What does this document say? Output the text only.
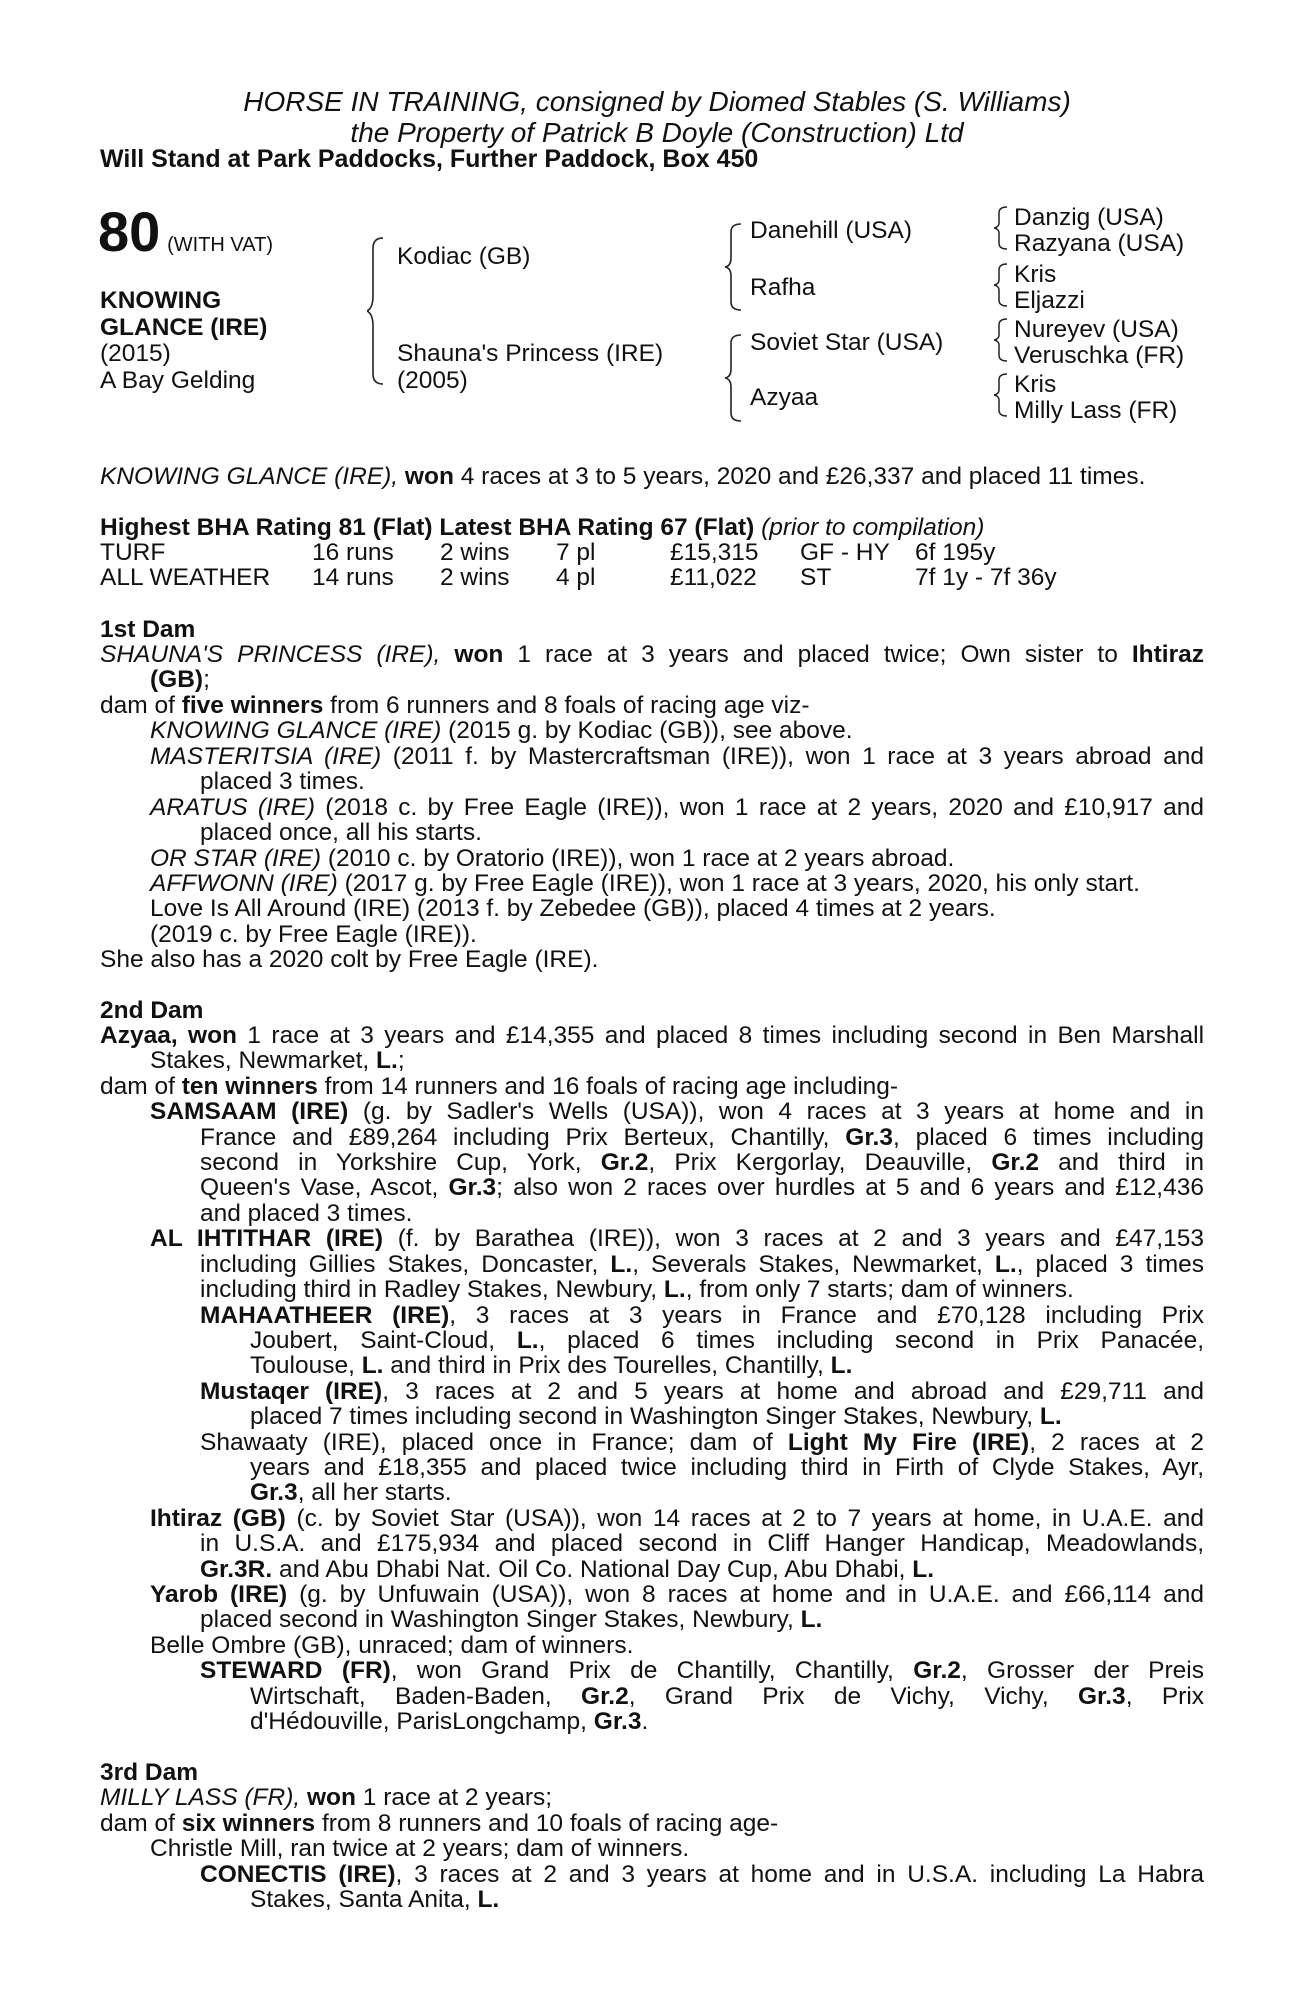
HORSE IN TRAINING, consigned by Diomed Stables (S. Williams)
the Property of Patrick B Doyle (Construction) Ltd
Will Stand at Park Paddocks, Further Paddock, Box 450
80 (WITH VAT)
KNOWING
GLANCE (IRE)
(2015)
A Bay Gelding
Kodiac (GB)
Shauna's Princess (IRE)
(2005)
Danehill (USA)
Rafha
Soviet Star (USA)
Azyaa
Danzig (USA)
Razyana (USA)
Kris
Eljazzi
Nureyev (USA)
Veruschka (FR)
Kris
Milly Lass (FR)
KNOWING GLANCE (IRE), won 4 races at 3 to 5 years, 2020 and £26,337 and placed 11 times.
Highest BHA Rating 81 (Flat) Latest BHA Rating 67 (Flat) (prior to compilation)
TURF	16 runs 2 wins 7 pl	£15,315 GF - HY 6f 195y
ALL WEATHER 14 runs 2 wins 4 pl	£11,022 ST	7f 1y - 7f 36y
1st Dam
SHAUNA'S PRINCESS (IRE), won 1 race at 3 years and placed twice; Own sister to Ihtiraz
(GB);
dam of five winners from 6 runners and 8 foals of racing age viz-
KNOWING GLANCE (IRE) (2015 g. by Kodiac (GB)), see above.
MASTERITSIA (IRE) (2011 f. by Mastercraftsman (IRE)), won 1 race at 3 years abroad and
placed 3 times.
ARATUS (IRE) (2018 c. by Free Eagle (IRE)), won 1 race at 2 years, 2020 and £10,917 and
placed once, all his starts.
OR STAR (IRE) (2010 c. by Oratorio (IRE)), won 1 race at 2 years abroad.
AFFWONN (IRE) (2017 g. by Free Eagle (IRE)), won 1 race at 3 years, 2020, his only start.
Love Is All Around (IRE) (2013 f. by Zebedee (GB)), placed 4 times at 2 years.
(2019 c. by Free Eagle (IRE)).
She also has a 2020 colt by Free Eagle (IRE).
2nd Dam
Azyaa, won 1 race at 3 years and £14,355 and placed 8 times including second in Ben Marshall
Stakes, Newmarket, L.;
dam of ten winners from 14 runners and 16 foals of racing age including-
SAMSAAM (IRE) (g. by Sadler's Wells (USA)), won 4 races at 3 years at home and in
France and £89,264 including Prix Berteux, Chantilly, Gr.3, placed 6 times including
second in Yorkshire Cup, York, Gr.2, Prix Kergorlay, Deauville, Gr.2 and third in
Queen's Vase, Ascot, Gr.3; also won 2 races over hurdles at 5 and 6 years and £12,436
and placed 3 times.
AL IHTITHAR (IRE) (f. by Barathea (IRE)), won 3 races at 2 and 3 years and £47,153
including Gillies Stakes, Doncaster, L., Severals Stakes, Newmarket, L., placed 3 times
including third in Radley Stakes, Newbury, L., from only 7 starts; dam of winners.
MAHAATHEER (IRE), 3 races at 3 years in France and £70,128 including Prix
Joubert, Saint-Cloud, L., placed 6 times including second in Prix Panacée,
Toulouse, L. and third in Prix des Tourelles, Chantilly, L.
Mustaqer (IRE), 3 races at 2 and 5 years at home and abroad and £29,711 and
placed 7 times including second in Washington Singer Stakes, Newbury, L.
Shawaaty (IRE), placed once in France; dam of Light My Fire (IRE), 2 races at 2
years and £18,355 and placed twice including third in Firth of Clyde Stakes, Ayr,
Gr.3, all her starts.
Ihtiraz (GB) (c. by Soviet Star (USA)), won 14 races at 2 to 7 years at home, in U.A.E. and
in U.S.A. and £175,934 and placed second in Cliff Hanger Handicap, Meadowlands,
Gr.3R. and Abu Dhabi Nat. Oil Co. National Day Cup, Abu Dhabi, L.
Yarob (IRE) (g. by Unfuwain (USA)), won 8 races at home and in U.A.E. and £66,114 and
placed second in Washington Singer Stakes, Newbury, L.
Belle Ombre (GB), unraced; dam of winners.
STEWARD (FR), won Grand Prix de Chantilly, Chantilly, Gr.2, Grosser der Preis
Wirtschaft, Baden-Baden, Gr.2, Grand Prix de Vichy, Vichy, Gr.3, Prix
d'Hédouville, ParisLongchamp, Gr.3.
3rd Dam
MILLY LASS (FR), won 1 race at 2 years;
dam of six winners from 8 runners and 10 foals of racing age-
Christle Mill, ran twice at 2 years; dam of winners.
CONECTIS (IRE), 3 races at 2 and 3 years at home and in U.S.A. including La Habra
Stakes, Santa Anita, L.
